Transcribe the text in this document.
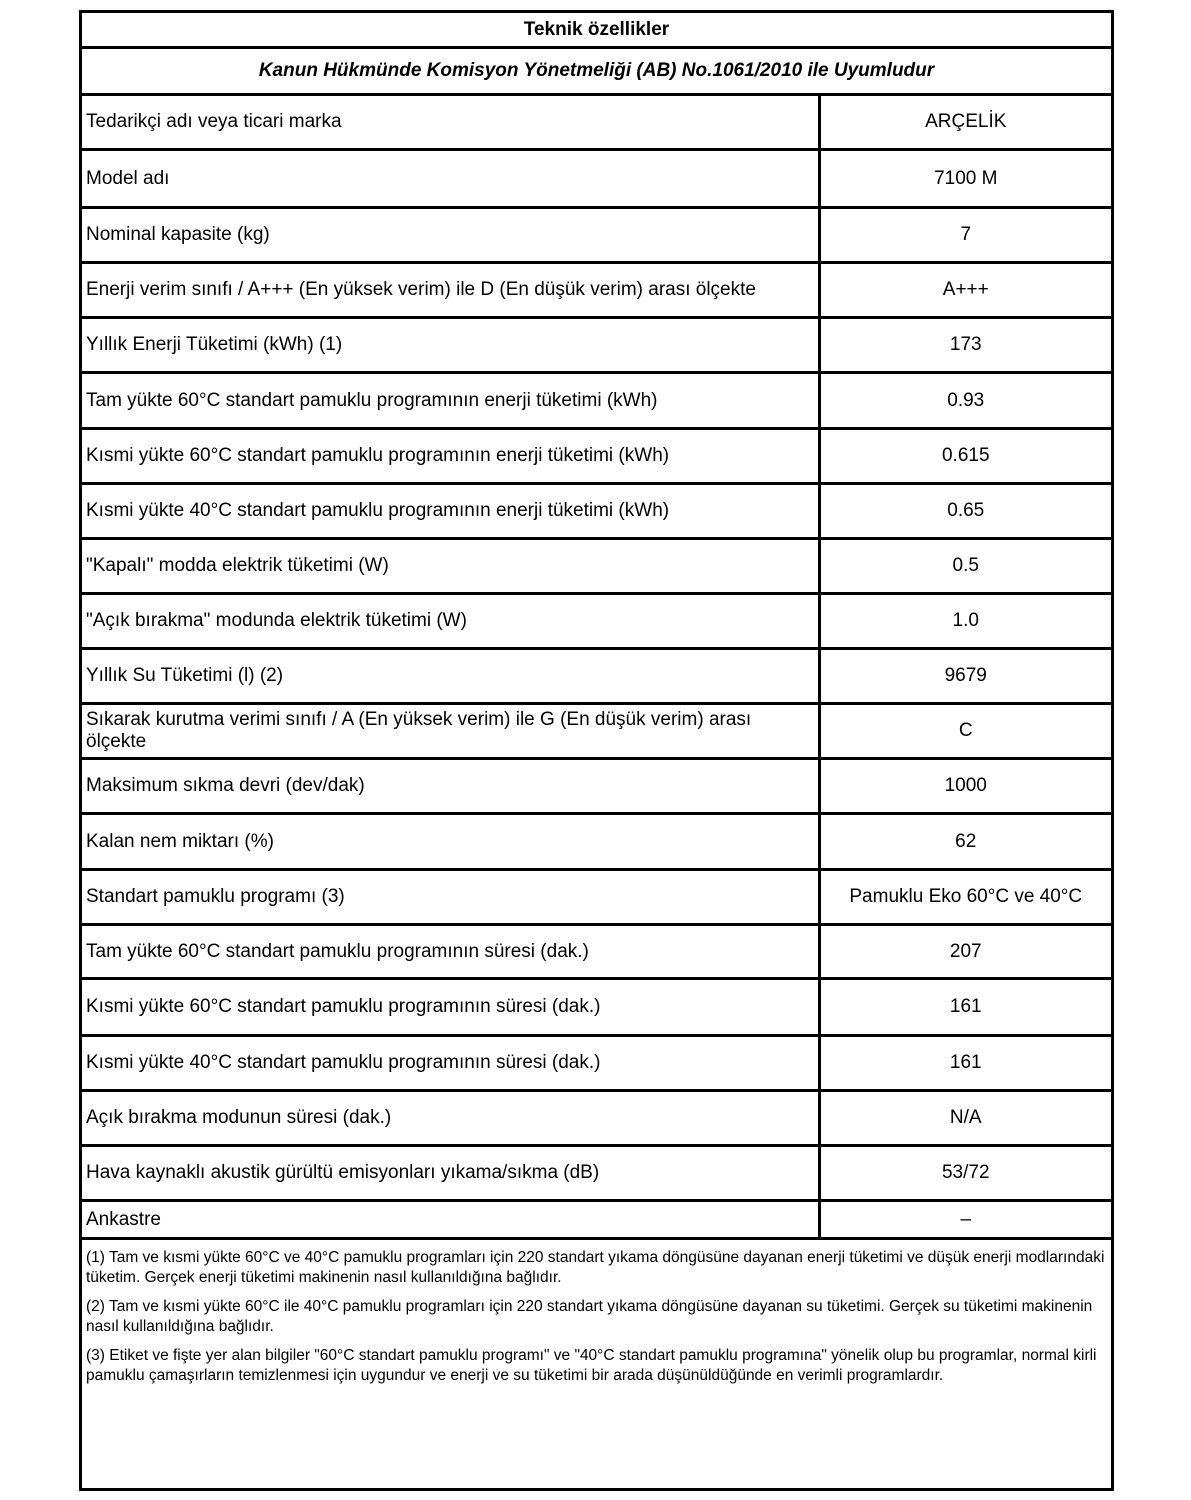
Teknik özellikler	
Kanun Hükmünde Komisyon Yönetmeliği (AB) No.1061/2010 ile Uyumludur	
Tedarikçi adı veya ticari marka	ARÇELİK
Model adı	7100 M
Nominal kapasite (kg)	7
Enerji verim sınıfı / A+++ (En yüksek verim) ile D (En düşük verim) arası ölçekte	A+++
Yıllık Enerji Tüketimi (kWh) (1)	173
Tam yükte 60°C standart pamuklu programının enerji tüketimi (kWh)	0.93
Kısmi yükte 60°C standart pamuklu programının enerji tüketimi (kWh)	0.615
Kısmi yükte 40°C standart pamuklu programının enerji tüketimi (kWh)	0.65
"Kapalı" modda elektrik tüketimi (W)	0.5
"Açık bırakma" modunda elektrik tüketimi (W)	1.0
Yıllık Su Tüketimi (l) (2)	9679
Sıkarak kurutma verimi sınıfı / A (En yüksek verim) ile G (En düşük verim) arası ölçekte	C
Maksimum sıkma devri (dev/dak)	1000
Kalan nem miktarı (%)	62
Standart pamuklu programı (3)	Pamuklu Eko 60°C ve 40°C
Tam yükte 60°C standart pamuklu programının süresi (dak.)	207
Kısmi yükte 60°C standart pamuklu programının süresi (dak.)	161
Kısmi yükte 40°C standart pamuklu programının süresi (dak.)	161
Açık bırakma modunun süresi (dak.)	N/A
Hava kaynaklı akustik gürültü emisyonları yıkama/sıkma (dB)	53/72
Ankastre	–

(1) Tam ve kısmi yükte 60°C ve 40°C pamuklu programları için 220 standart yıkama döngüsüne dayanan enerji tüketimi ve düşük enerji modlarındaki tüketim. Gerçek enerji tüketimi makinenin nasıl kullanıldığına bağlıdır.

(2) Tam ve kısmi yükte 60°C ile 40°C pamuklu programları için 220 standart yıkama döngüsüne dayanan su tüketimi. Gerçek su tüketimi makinenin nasıl kullanıldığına bağlıdır.

(3) Etiket ve fişte yer alan bilgiler "60°C standart pamuklu programı" ve "40°C standart pamuklu programına" yönelik olup bu programlar, normal kirli pamuklu çamaşırların temizlenmesi için uygundur ve enerji ve su tüketimi bir arada düşünüldüğünde en verimli programlardır.
